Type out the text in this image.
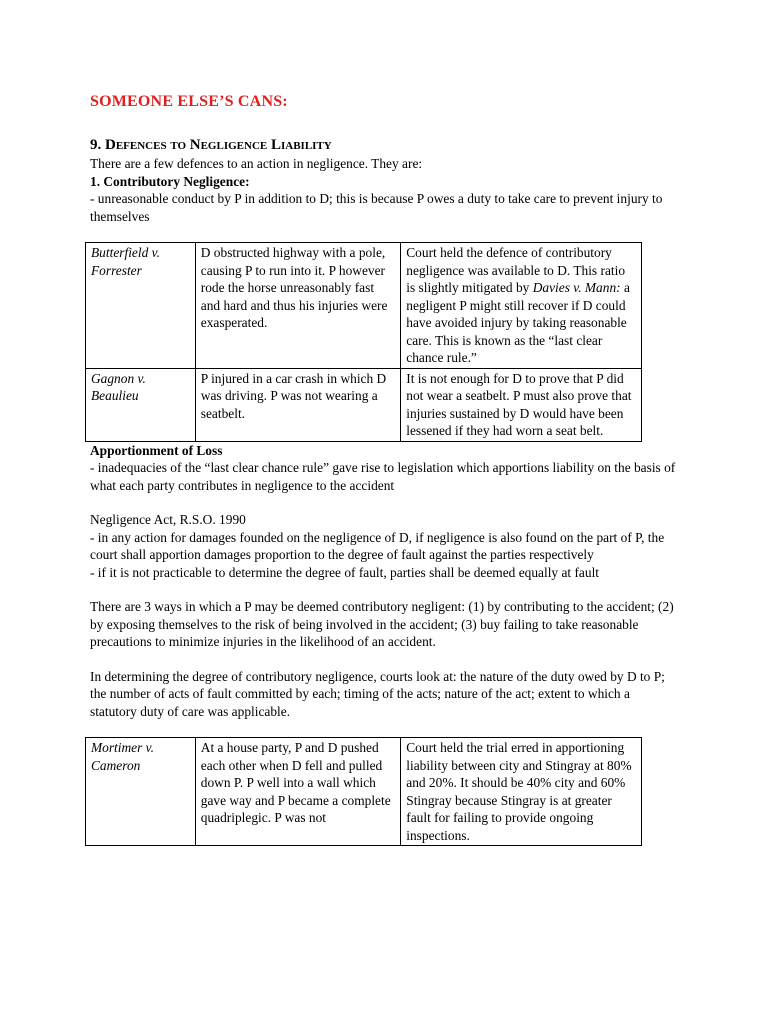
SOMEONE ELSE’S CANS:
9. Defences to Negligence Liability

There are a few defences to an action in negligence. They are:

1. Contributory Negligence:

- unreasonable conduct by P in addition to D; this is because P owes a duty to take care to prevent injury to themselves

Butterfield v. Forrester	D obstructed highway with a pole, causing P to run into it. P however rode the horse unreasonably fast and hard and thus his injuries were exasperated.	Court held the defence of contributory negligence was available to D. This ratio is slightly mitigated by Davies v. Mann: a negligent P might still recover if D could have avoided injury by taking reasonable care. This is known as the “last clear chance rule.”
Gagnon v. Beaulieu	P injured in a car crash in which D was driving. P was not wearing a seatbelt.	It is not enough for D to prove that P did not wear a seatbelt. P must also prove that injuries sustained by D would have been lessened if they had worn a seat belt.

Apportionment of Loss

- inadequacies of the “last clear chance rule” gave rise to legislation which apportions liability on the basis of what each party contributes in negligence to the accident

Negligence Act, R.S.O. 1990

- in any action for damages founded on the negligence of D, if negligence is also found on the part of P, the court shall apportion damages proportion to the degree of fault against the parties respectively

- if it is not practicable to determine the degree of fault, parties shall be deemed equally at fault

There are 3 ways in which a P may be deemed contributory negligent: (1) by contributing to the accident; (2) by exposing themselves to the risk of being involved in the accident; (3) buy failing to take reasonable precautions to minimize injuries in the likelihood of an accident.

In determining the degree of contributory negligence, courts look at: the nature of the duty owed by D to P; the number of acts of fault committed by each; timing of the acts; nature of the act; extent to which a statutory duty of care was applicable.

Mortimer v. Cameron	At a house party, P and D pushed each other when D fell and pulled down P. P well into a wall which gave way and P became a complete quadriplegic. P was not	Court held the trial erred in apportioning liability between city and Stingray at 80% and 20%. It should be 40% city and 60% Stingray because Stingray is at greater fault for failing to provide ongoing inspections.
